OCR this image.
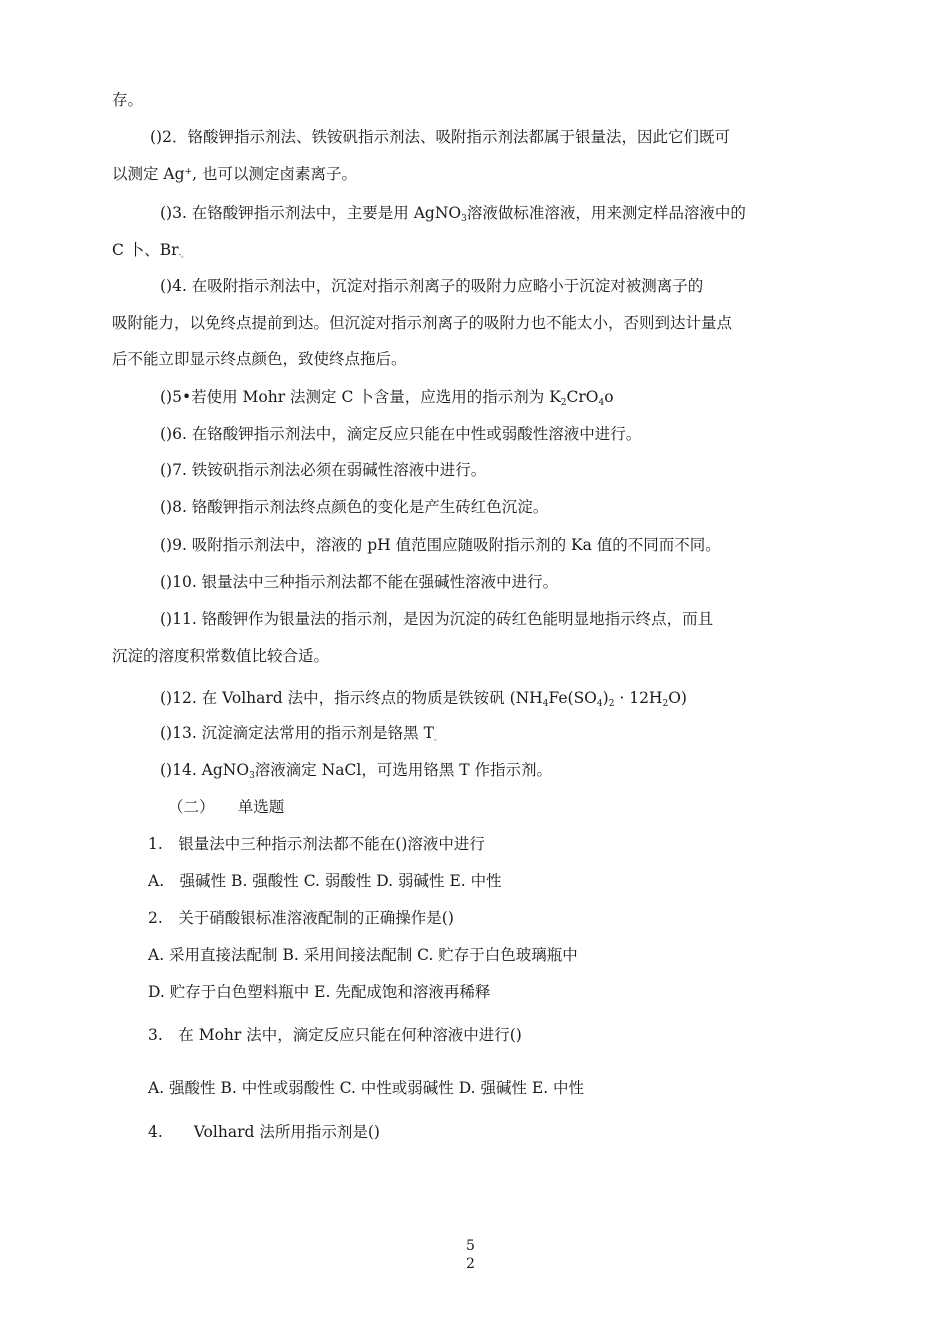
存。
()2．铬酸钾指示剂法、铁铵矾指示剂法、吸附指示剂法都属于银量法，因此它们既可
以测定 Ag+, 也可以测定卤素离子。
()3. 在铬酸钾指示剂法中，主要是用 AgNO$_3$溶液做标准溶液，用来测定样品溶液中的
C 卜、Br-。
()4. 在吸附指示剂法中，沉淀对指示剂离子的吸附力应略小于沉淀对被测离子的
吸附能力，以免终点提前到达。但沉淀对指示剂离子的吸附力也不能太小，否则到达计量点
后不能立即显示终点颜色，致使终点拖后。
()5•若使用 Mohr 法测定 C 卜含量，应选用的指示剂为 $K_2CrO_4o$
()6. 在铬酸钾指示剂法中，滴定反应只能在中性或弱酸性溶液中进行。
()7. 铁铵矾指示剂法必须在弱碱性溶液中进行。
()8. 铬酸钾指示剂法终点颜色的变化是产生砖红色沉淀。
()9. 吸附指示剂法中，溶液的 pH 值范围应随吸附指示剂的 Ka 值的不同而不同。
()10. 银量法中三种指示剂法都不能在强碱性溶液中进行。
()11. 铬酸钾作为银量法的指示剂，是因为沉淀的砖红色能明显地指示终点，而且
沉淀的溶度积常数值比较合适。
()12. 在 Volhard 法中，指示终点的物质是铁铵矾 $(NH_4Fe(SO_4)_2 \cdot 12H_2O)$
()13. 沉淀滴定法常用的指示剂是铬黑 T。
()14. AgNO$_3$溶液滴定 NaCl，可选用铬黑 T 作指示剂。
（二）　　单选题
1.　银量法中三种指示剂法都不能在()溶液中进行
A.　强碱性 B. 强酸性 C. 弱酸性 D. 弱碱性 E. 中性
2.　关于硝酸银标准溶液配制的正确操作是()
A. 采用直接法配制 B. 采用间接法配制 C. 贮存于白色玻璃瓶中
D. 贮存于白色塑料瓶中 E. 先配成饱和溶液再稀释
3.　在 Mohr 法中，滴定反应只能在何种溶液中进行()
A. 强酸性 B. 中性或弱酸性 C. 中性或弱碱性 D. 强碱性 E. 中性
4.　　Volhard 法所用指示剂是()
5
2
